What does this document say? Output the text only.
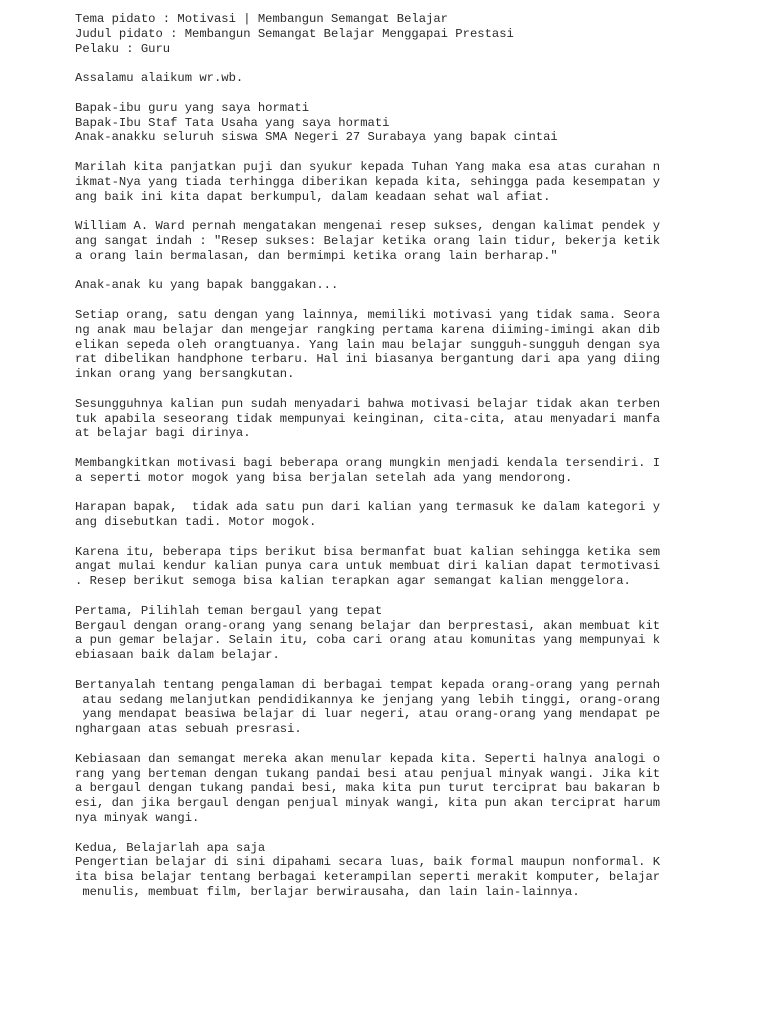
Tema pidato : Motivasi | Membangun Semangat Belajar
Judul pidato : Membangun Semangat Belajar Menggapai Prestasi
Pelaku : Guru
Assalamu alaikum wr.wb.
Bapak-ibu guru yang saya hormati
Bapak-Ibu Staf Tata Usaha yang saya hormati
Anak-anakku seluruh siswa SMA Negeri 27 Surabaya yang bapak cintai
Marilah kita panjatkan puji dan syukur kepada Tuhan Yang maka esa atas curahan n
ikmat-Nya yang tiada terhingga diberikan kepada kita, sehingga pada kesempatan y
ang baik ini kita dapat berkumpul, dalam keadaan sehat wal afiat.
William A. Ward pernah mengatakan mengenai resep sukses, dengan kalimat pendek y
ang sangat indah : "Resep sukses: Belajar ketika orang lain tidur, bekerja ketik
a orang lain bermalasan, dan bermimpi ketika orang lain berharap."
Anak-anak ku yang bapak banggakan...
Setiap orang, satu dengan yang lainnya, memiliki motivasi yang tidak sama. Seora
ng anak mau belajar dan mengejar rangking pertama karena diiming-imingi akan dib
elikan sepeda oleh orangtuanya. Yang lain mau belajar sungguh-sungguh dengan sya
rat dibelikan handphone terbaru. Hal ini biasanya bergantung dari apa yang diing
inkan orang yang bersangkutan.
Sesungguhnya kalian pun sudah menyadari bahwa motivasi belajar tidak akan terben
tuk apabila seseorang tidak mempunyai keinginan, cita-cita, atau menyadari manfa
at belajar bagi dirinya.
Membangkitkan motivasi bagi beberapa orang mungkin menjadi kendala tersendiri. I
a seperti motor mogok yang bisa berjalan setelah ada yang mendorong.
Harapan bapak,  tidak ada satu pun dari kalian yang termasuk ke dalam kategori y
ang disebutkan tadi. Motor mogok.
Karena itu, beberapa tips berikut bisa bermanfat buat kalian sehingga ketika sem
angat mulai kendur kalian punya cara untuk membuat diri kalian dapat termotivasi
. Resep berikut semoga bisa kalian terapkan agar semangat kalian menggelora.
Pertama, Pilihlah teman bergaul yang tepat
Bergaul dengan orang-orang yang senang belajar dan berprestasi, akan membuat kit
a pun gemar belajar. Selain itu, coba cari orang atau komunitas yang mempunyai k
ebiasaan baik dalam belajar.
Bertanyalah tentang pengalaman di berbagai tempat kepada orang-orang yang pernah
atau sedang melanjutkan pendidikannya ke jenjang yang lebih tinggi, orang-orang
yang mendapat beasiwa belajar di luar negeri, atau orang-orang yang mendapat pe
nghargaan atas sebuah presrasi.
Kebiasaan dan semangat mereka akan menular kepada kita. Seperti halnya analogi o
rang yang berteman dengan tukang pandai besi atau penjual minyak wangi. Jika kit
a bergaul dengan tukang pandai besi, maka kita pun turut terciprat bau bakaran b
esi, dan jika bergaul dengan penjual minyak wangi, kita pun akan terciprat harum
nya minyak wangi.
Kedua, Belajarlah apa saja
Pengertian belajar di sini dipahami secara luas, baik formal maupun nonformal. K
ita bisa belajar tentang berbagai keterampilan seperti merakit komputer, belajar
menulis, membuat film, berlajar berwirausaha, dan lain lain-lainnya.
